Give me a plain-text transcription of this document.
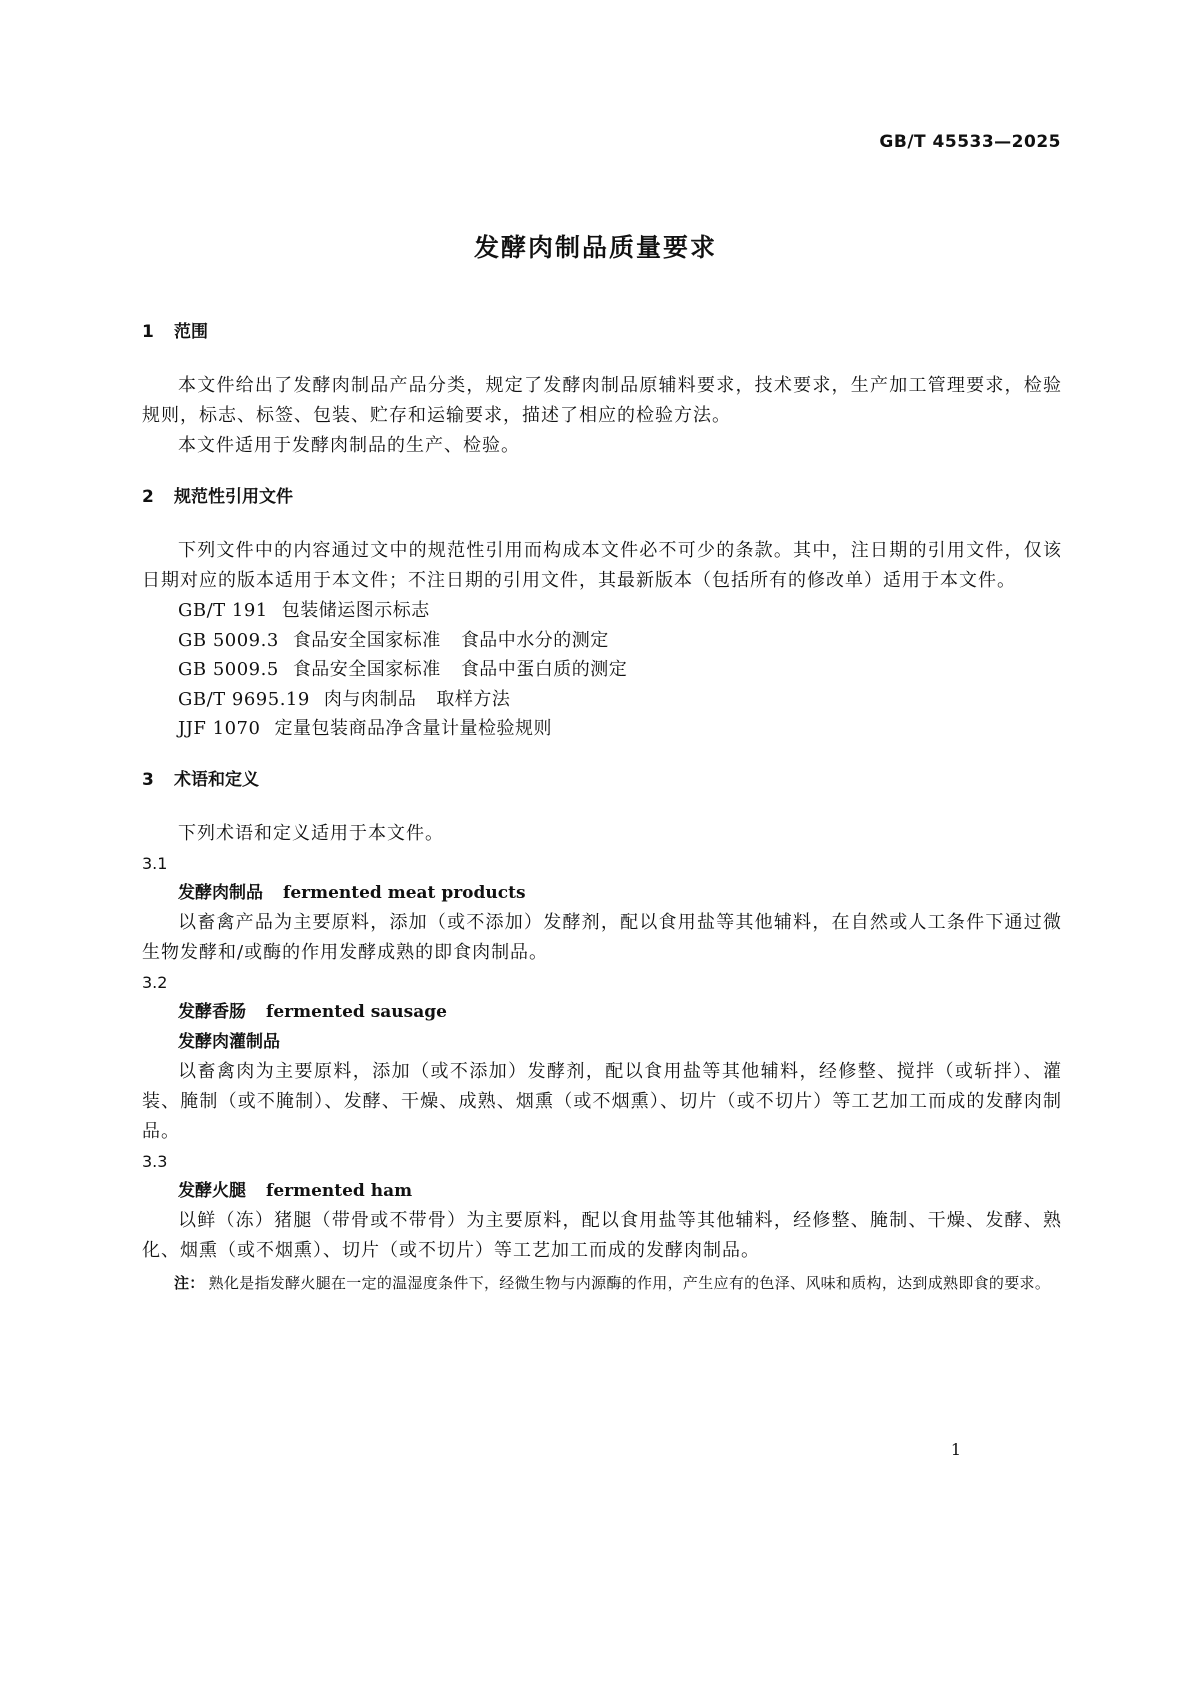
GB/T 45533—2025

发酵肉制品质量要求
1 范围

本文件给出了发酵肉制品产品分类，规定了发酵肉制品原辅料要求，技术要求，生产加工管理要求，检验规则，标志、标签、包装、贮存和运输要求，描述了相应的检验方法。

本文件适用于发酵肉制品的生产、检验。

2 规范性引用文件

下列文件中的内容通过文中的规范性引用而构成本文件必不可少的条款。其中，注日期的引用文件，仅该日期对应的版本适用于本文件；不注日期的引用文件，其最新版本（包括所有的修改单）适用于本文件。

GB/T 191 包装储运图示标志

GB 5009.3 食品安全国家标准 食品中水分的测定

GB 5009.5 食品安全国家标准 食品中蛋白质的测定

GB/T 9695.19 肉与肉制品 取样方法

JJF 1070 定量包装商品净含量计量检验规则

3 术语和定义

下列术语和定义适用于本文件。

3.1

发酵肉制品 fermented meat products

以畜禽产品为主要原料，添加（或不添加）发酵剂，配以食用盐等其他辅料，在自然或人工条件下通过微生物发酵和/或酶的作用发酵成熟的即食肉制品。

3.2

发酵香肠 fermented sausage

发酵肉灌制品

以畜禽肉为主要原料，添加（或不添加）发酵剂，配以食用盐等其他辅料，经修整、搅拌（或斩拌）、灌装、腌制（或不腌制）、发酵、干燥、成熟、烟熏（或不烟熏）、切片（或不切片）等工艺加工而成的发酵肉制品。

3.3

发酵火腿 fermented ham

以鲜（冻）猪腿（带骨或不带骨）为主要原料，配以食用盐等其他辅料，经修整、腌制、干燥、发酵、熟化、烟熏（或不烟熏）、切片（或不切片）等工艺加工而成的发酵肉制品。

注： 熟化是指发酵火腿在一定的温湿度条件下，经微生物与内源酶的作用，产生应有的色泽、风味和质构，达到成熟即食的要求。

1
